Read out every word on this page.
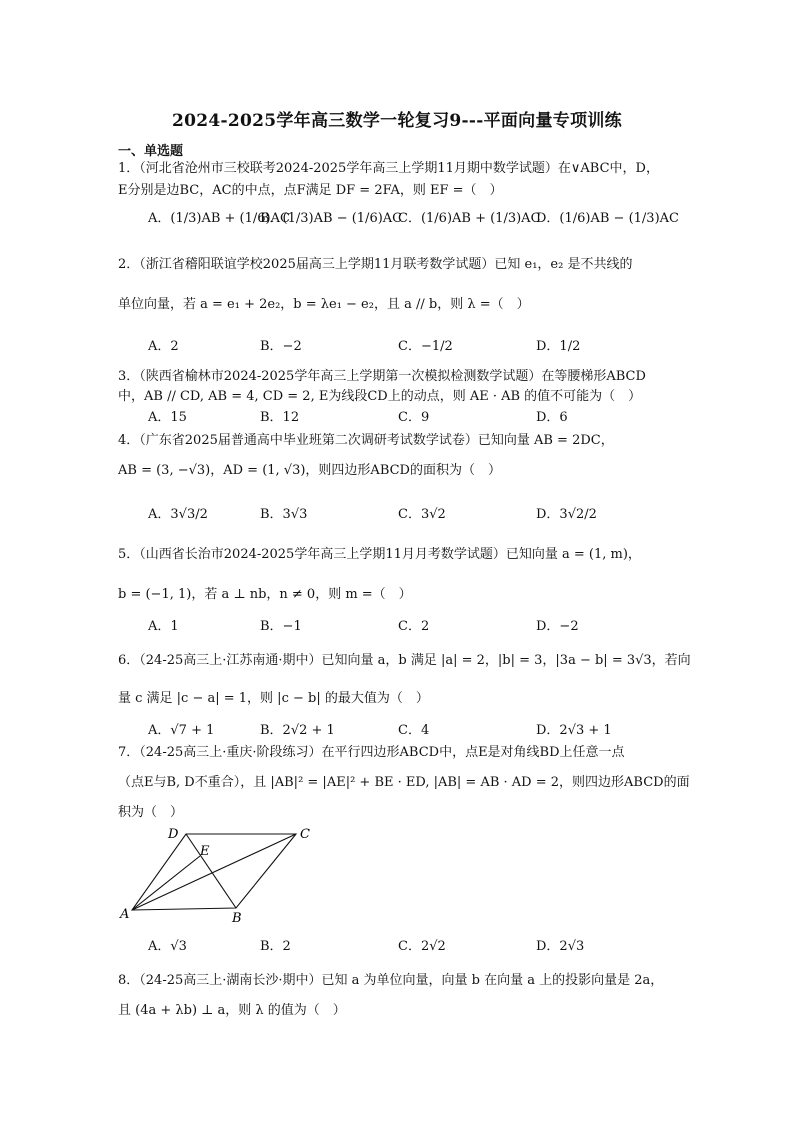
2024-2025学年高三数学一轮复习9---平面向量专项训练
一、单选题
1．（河北省沧州市三校联考2024-2025学年高三上学期11月期中数学试题）在∨ABC中，D，
E分别是边BC，AC的中点，点F满足 DF = 2FA，则 EF =（　）
A．(1/3)AB + (1/6)AC
B．(1/3)AB − (1/6)AC
C．(1/6)AB + (1/3)AC
D．(1/6)AB − (1/3)AC
2．（浙江省稽阳联谊学校2025届高三上学期11月联考数学试题）已知 e₁，e₂ 是不共线的
单位向量，若 a = e₁ + 2e₂，b = λe₁ − e₂，且 a // b，则 λ =（　）
A．2	B．−2	C．−1/2	D．1/2
3．（陕西省榆林市2024-2025学年高三上学期第一次模拟检测数学试题）在等腰梯形ABCD
中，AB // CD, AB = 4, CD = 2, E为线段CD上的动点，则 AE · AB 的值不可能为（　）
A．15	B．12	C．9	D．6
4．（广东省2025届普通高中毕业班第二次调研考试数学试卷）已知向量 AB = 2DC，
AB = (3, −√3)，AD = (1, √3)，则四边形ABCD的面积为（　）
A．3√3/2	B．3√3	C．3√2	D．3√2/2
5．（山西省长治市2024-2025学年高三上学期11月月考数学试题）已知向量 a = (1, m)，
b = (−1, 1)，若 a ⊥ nb，n ≠ 0，则 m =（　）
A．1	B．−1	C．2	D．−2
6．（24-25高三上·江苏南通·期中）已知向量 a，b 满足 |a| = 2，|b| = 3，|3a − b| = 3√3，若向
量 c 满足 |c − a| = 1，则 |c − b| 的最大值为（　）
A．√7 + 1	B．2√2 + 1	C．4	D．2√3 + 1
7．（24-25高三上·重庆·阶段练习）在平行四边形ABCD中，点E是对角线BD上任意一点
（点E与B, D不重合），且 |AB|² = |AE|² + BE · ED, |AB| = AB · AD = 2，则四边形ABCD的面
积为（　）
D	C
E
A	B
A．√3	B．2	C．2√2	D．2√3
8．（24-25高三上·湖南长沙·期中）已知 a 为单位向量，向量 b 在向量 a 上的投影向量是 2a，
且 (4a + λb) ⊥ a，则 λ 的值为（　）
